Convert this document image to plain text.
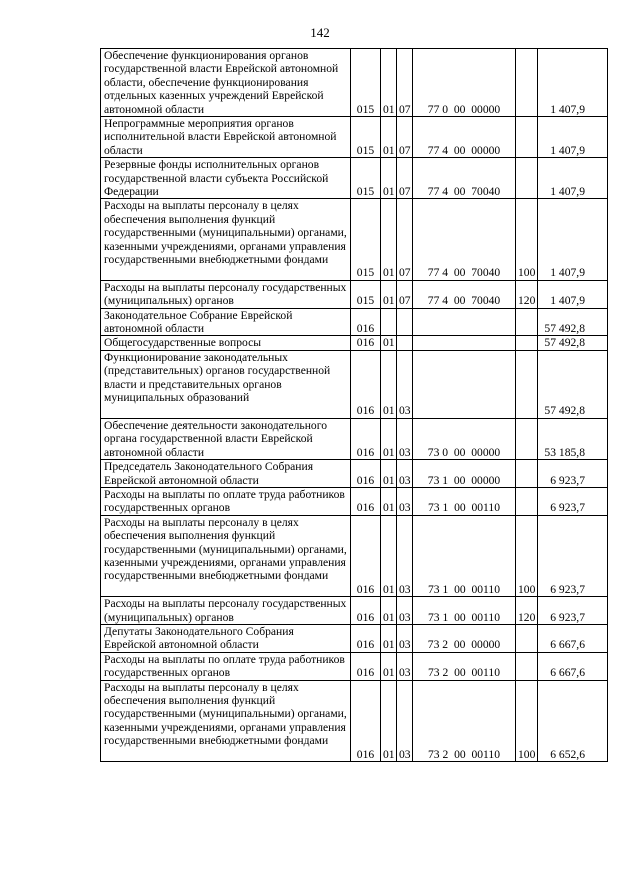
142
Обеспечение функционирования органов государственной власти Еврейской автономной области, обеспечение функционирования отдельных казенных учреждений Еврейской автономной области	015	01	07	77 0  00  00000		1 407,9

Непрограммные мероприятия органов исполнительной власти Еврейской автономной области	015	01	07	77 4  00  00000		1 407,9

Резервные фонды исполнительных органов государственной власти субъекта Российской Федерации	015	01	07	77 4  00  70040		1 407,9

Расходы на выплаты персоналу в целях обеспечения выполнения функций государственными (муниципальными) органами, казенными учреждениями, органами управления государственными внебюджетными фондами	015	01	07	77 4  00  70040	100	1 407,9

Расходы на выплаты персоналу государственных (муниципальных) органов	015	01	07	77 4  00  70040	120	1 407,9

Законодательное Собрание Еврейской автономной области	016					57 492,8

Общегосударственные вопросы	016	01				57 492,8

Функционирование законодательных (представительных) органов государственной власти и представительных органов муниципальных образований	016	01	03			57 492,8

Обеспечение деятельности законодательного органа государственной власти Еврейской автономной области	016	01	03	73 0  00  00000		53 185,8

Председатель Законодательного Собрания Еврейской автономной области	016	01	03	73 1  00  00000		6 923,7

Расходы на выплаты по оплате труда работников государственных органов	016	01	03	73 1  00  00110		6 923,7

Расходы на выплаты персоналу в целях обеспечения выполнения функций государственными (муниципальными) органами, казенными учреждениями, органами управления государственными внебюджетными фондами	016	01	03	73 1  00  00110	100	6 923,7

Расходы на выплаты персоналу государственных (муниципальных) органов	016	01	03	73 1  00  00110	120	6 923,7

Депутаты Законодательного Собрания Еврейской автономной области	016	01	03	73 2  00  00000		6 667,6

Расходы на выплаты по оплате труда работников государственных органов	016	01	03	73 2  00  00110		6 667,6

Расходы на выплаты персоналу в целях обеспечения выполнения функций государственными (муниципальными) органами, казенными учреждениями, органами управления государственными внебюджетными фондами	016	01	03	73 2  00  00110	100	6 652,6
